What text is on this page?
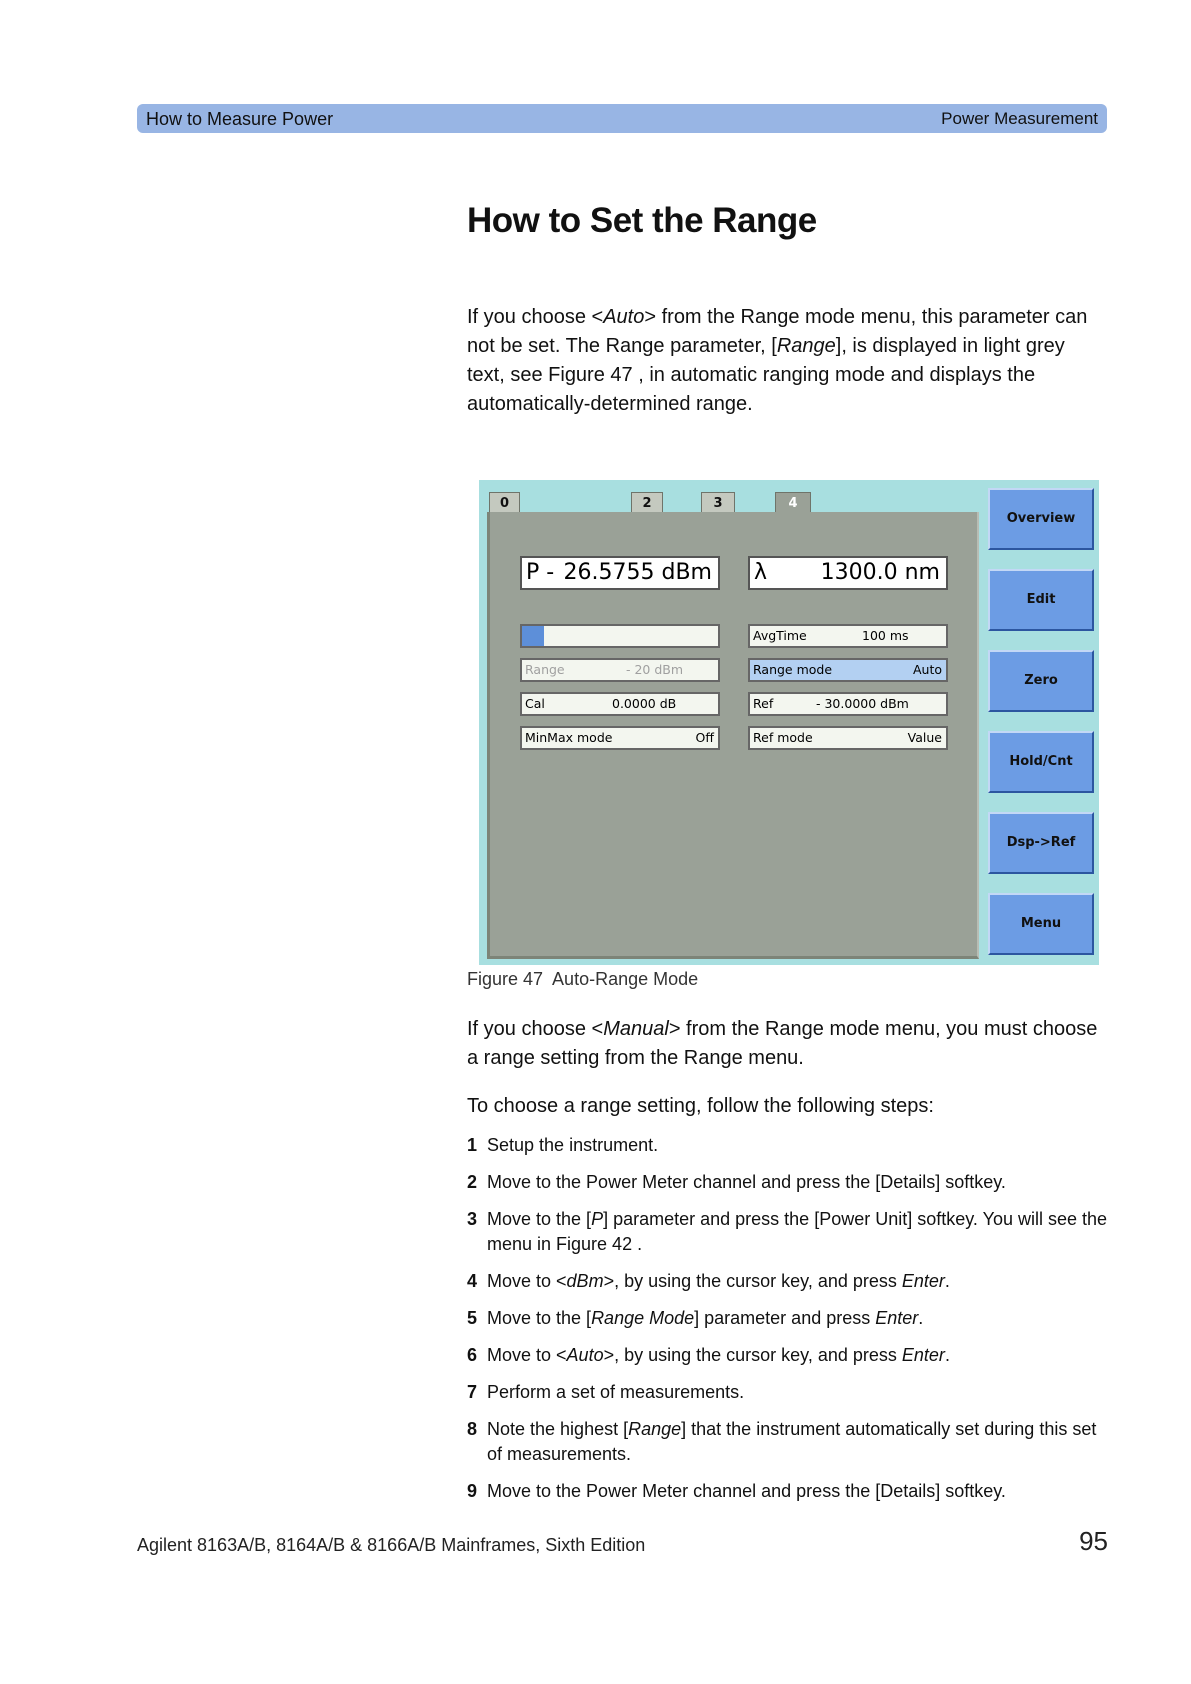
How to Measure Power	Power Measurement
How to Set the Range

If you choose <Auto> from the Range mode menu, this parameter can not be set. The Range parameter, [Range], is displayed in light grey text, see Figure 47 , in automatic ranging mode and displays the automatically-determined range.

0	2	3	4
P - 26.5755 dBm λ 1300.0 nm
Range	- 20 dBm
Cal	0.0000 dB
MinMax mode	Off
AvgTime	100 ms
Range mode	Auto
Ref	- 30.0000 dBm
Ref mode	Value
Overview
Edit
Zero
Hold/Cnt
Dsp->Ref
Menu
Figure 47 Auto-Range Mode

If you choose <Manual> from the Range mode menu, you must choose a range setting from the Range menu.

To choose a range setting, follow the following steps:

1 Setup the instrument.
2 Move to the Power Meter channel and press the [Details] softkey.
3 Move to the [P] parameter and press the [Power Unit] softkey. You will see the menu in Figure 42 .
4 Move to <dBm>, by using the cursor key, and press Enter.
5 Move to the [Range Mode] parameter and press Enter.
6 Move to <Auto>, by using the cursor key, and press Enter.
7 Perform a set of measurements.
8 Note the highest [Range] that the instrument automatically set during this set of measurements.
9 Move to the Power Meter channel and press the [Details] softkey.
Agilent 8163A/B, 8164A/B & 8166A/B Mainframes, Sixth Edition	95
